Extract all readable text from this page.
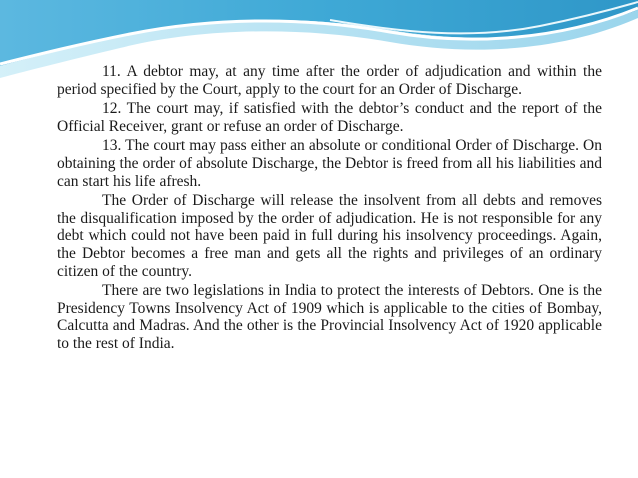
11. A debtor may, at any time after the order of adjudication and within the period specified by the Court, apply to the court for an Order of Discharge.

12. The court may, if satisfied with the debtor’s conduct and the report of the Official Receiver, grant or refuse an order of Discharge.

13. The court may pass either an absolute or conditional Order of Discharge. On obtaining the order of absolute Discharge, the Debtor is freed from all his liabilities and can start his life afresh.

The Order of Discharge will release the insolvent from all debts and removes the disqualification imposed by the order of adjudication. He is not responsible for any debt which could not have been paid in full during his insolvency proceedings. Again, the Debtor becomes a free man and gets all the rights and privileges of an ordinary citizen of the country.

There are two legislations in India to protect the interests of Debtors. One is the Presidency Towns Insolvency Act of 1909 which is applicable to the cities of Bombay, Calcutta and Madras. And the other is the Provincial Insolvency Act of 1920 applicable to the rest of India.
